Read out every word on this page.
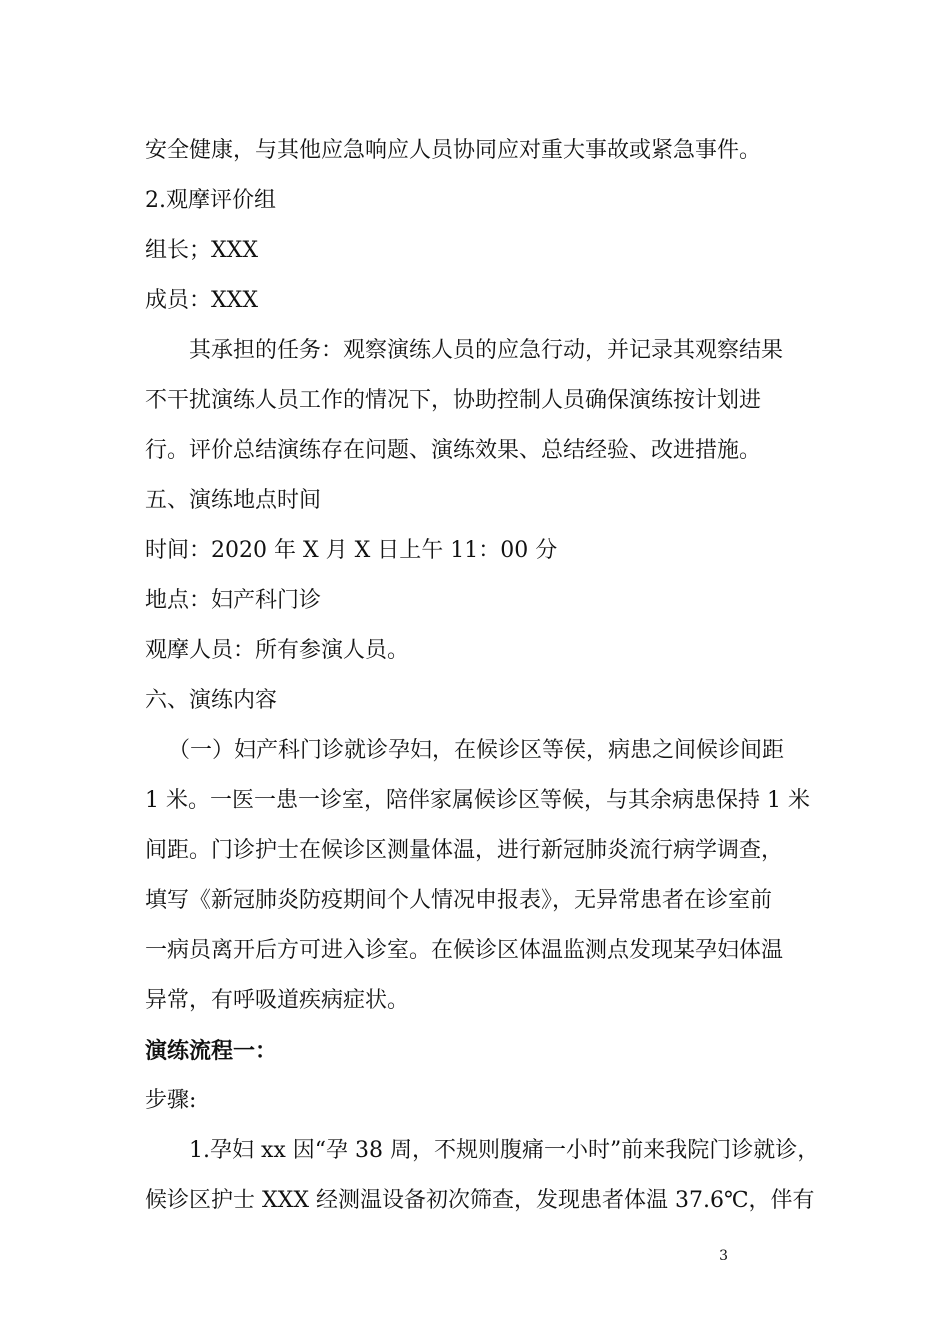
安全健康，与其他应急响应人员协同应对重大事故或紧急事件。
2.观摩评价组
组长；XXX
成员：XXX
其承担的任务：观察演练人员的应急行动，并记录其观察结果
不干扰演练人员工作的情况下，协助控制人员确保演练按计划进
行。评价总结演练存在问题、演练效果、总结经验、改进措施。
五、演练地点时间
时间：2020 年 X 月 X 日上午 11：00 分
地点：妇产科门诊
观摩人员：所有参演人员。
六、演练内容
（一）妇产科门诊就诊孕妇，在候诊区等侯，病患之间候诊间距
1 米。一医一患一诊室，陪伴家属候诊区等候，与其余病患保持 1 米
间距。门诊护士在候诊区测量体温，进行新冠肺炎流行病学调查，
填写《新冠肺炎防疫期间个人情况申报表》，无异常患者在诊室前
一病员离开后方可进入诊室。在候诊区体温监测点发现某孕妇体温
异常，有呼吸道疾病症状。
演练流程一：
步骤:
1.孕妇 xx 因“孕 38 周，不规则腹痛一小时”前来我院门诊就诊，
候诊区护士 XXX 经测温设备初次筛查，发现患者体温 37.6℃，伴有
3
